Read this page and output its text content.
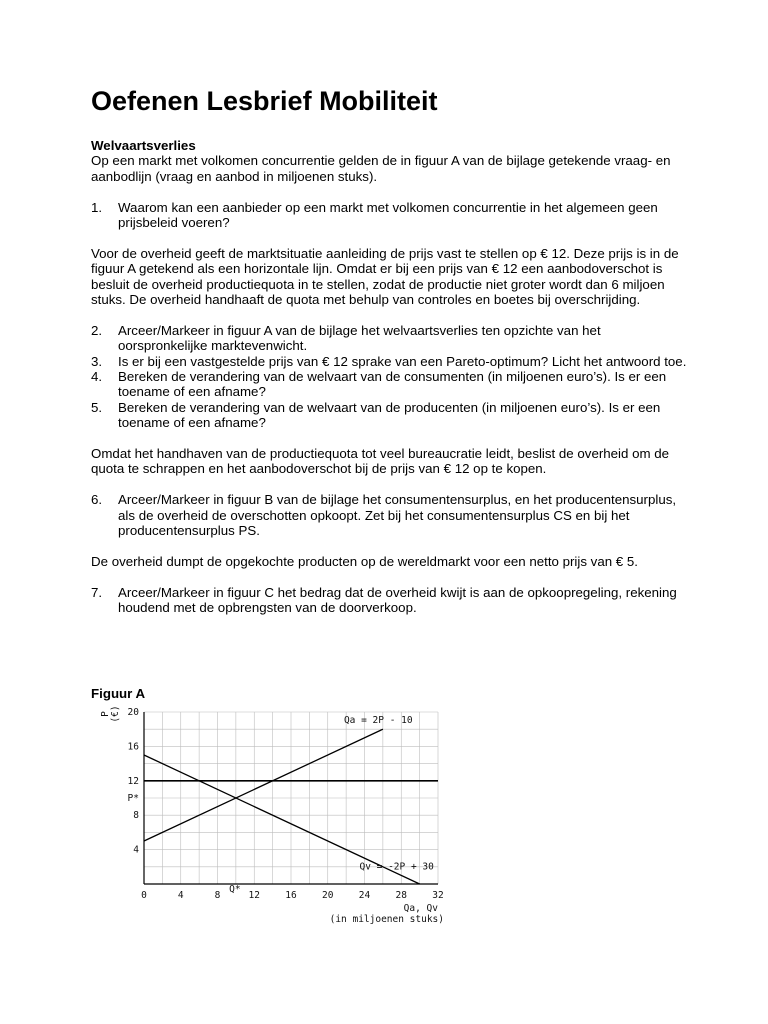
Oefenen Lesbrief Mobiliteit

Welvaartsverlies

Op een markt met volkomen concurrentie gelden de in figuur A van de bijlage getekende vraag- en aanbodlijn (vraag en aanbod in miljoenen stuks).

1. Waarom kan een aanbieder op een markt met volkomen concurrentie in het algemeen geen prijsbeleid voeren?

Voor de overheid geeft de marktsituatie aanleiding de prijs vast te stellen op € 12. Deze prijs is in de figuur A getekend als een horizontale lijn. Omdat er bij een prijs van € 12 een aanbodoverschot is besluit de overheid productiequota in te stellen, zodat de productie niet groter wordt dan 6 miljoen stuks. De overheid handhaaft de quota met behulp van controles en boetes bij overschrijding.

2. Arceer/Markeer in figuur A van de bijlage het welvaartsverlies ten opzichte van het oorspronkelijke marktevenwicht.
3. Is er bij een vastgestelde prijs van € 12 sprake van een Pareto-optimum? Licht het antwoord toe.
4. Bereken de verandering van de welvaart van de consumenten (in miljoenen euro’s). Is er een toename of een afname?
5. Bereken de verandering van de welvaart van de producenten (in miljoenen euro’s). Is er een toename of een afname?

Omdat het handhaven van de productiequota tot veel bureaucratie leidt, beslist de overheid om de quota te schrappen en het aanbodoverschot bij de prijs van € 12 op te kopen.

6. Arceer/Markeer in figuur B van de bijlage het consumentensurplus, en het producentensurplus, als de overheid de overschotten opkoopt. Zet bij het consumentensurplus CS en bij het producentensurplus PS.

De overheid dumpt de opgekochte producten op de wereldmarkt voor een netto prijs van € 5.

7. Arceer/Markeer in figuur C het bedrag dat de overheid kwijt is aan de opkoopregeling, rekening houdend met de opbrengsten van de doorverkoop.
Figuur A
4
8
P*
12
16
20
0	4	8
Q*
12	16	20	24	28	32
P (€)
Qa, Qv
(in miljoenen stuks)
Qa = 2P - 10
Qv = -2P + 30
